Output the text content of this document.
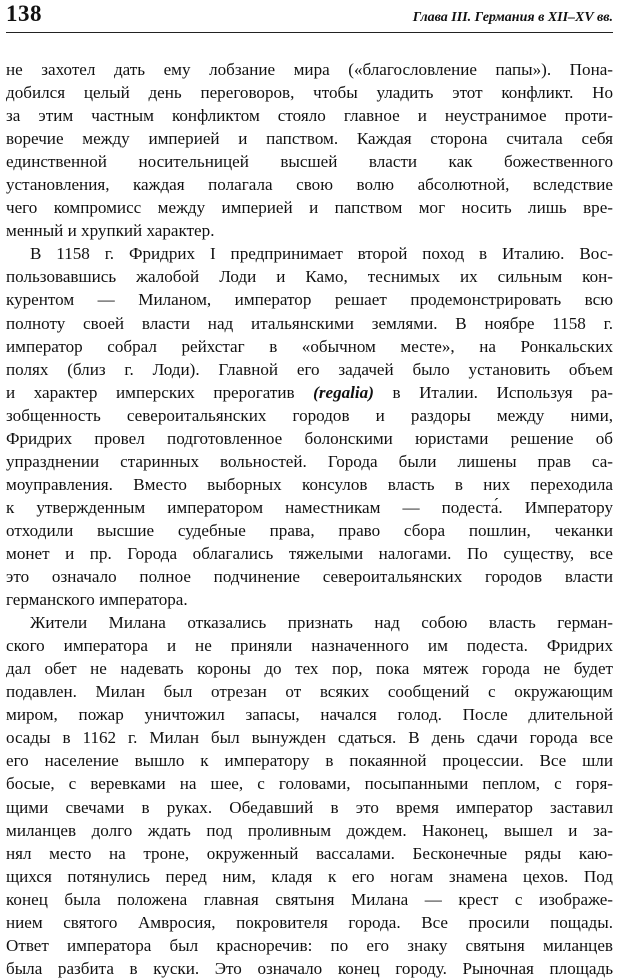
138	Глава III. Германия в XII–XV вв.
не захотел дать ему лобзание мира («благословление папы»). Пона-
добился целый день переговоров, чтобы уладить этот конфликт. Но
за этим частным конфликтом стояло главное и неустранимое проти-
воречие между империей и папством. Каждая сторона считала себя
единственной носительницей высшей власти как божественного
установления, каждая полагала свою волю абсолютной, вследствие
чего компромисс между империей и папством мог носить лишь вре-
менный и хрупкий характер.
В 1158 г. Фридрих I предпринимает второй поход в Италию. Вос-
пользовавшись жалобой Лоди и Камо, теснимых их сильным кон-
курентом — Миланом, император решает продемонстрировать всю
полноту своей власти над итальянскими землями. В ноябре 1158 г.
император собрал рейхстаг в «обычном месте», на Ронкальских
полях (близ г. Лоди). Главной его задачей было установить объем
и характер имперских прерогатив (regalia) в Италии. Используя ра-
зобщенность североитальянских городов и раздоры между ними,
Фридрих провел подготовленное болонскими юристами решение об
упразднении старинных вольностей. Города были лишены прав са-
моуправления. Вместо выборных консулов власть в них переходила
к утвержденным императором наместникам — подеста́. Императору
отходили высшие судебные права, право сбора пошлин, чеканки
монет и пр. Города облагались тяжелыми налогами. По существу, все
это означало полное подчинение североитальянских городов власти
германского императора.
Жители Милана отказались признать над собою власть герман-
ского императора и не приняли назначенного им подеста. Фридрих
дал обет не надевать короны до тех пор, пока мятеж города не будет
подавлен. Милан был отрезан от всяких сообщений с окружающим
миром, пожар уничтожил запасы, начался голод. После длительной
осады в 1162 г. Милан был вынужден сдаться. В день сдачи города все
его население вышло к императору в покаянной процессии. Все шли
босые, с веревками на шее, с головами, посыпанными пеплом, с горя-
щими свечами в руках. Обедавший в это время император заставил
миланцев долго ждать под проливным дождем. Наконец, вышел и за-
нял место на троне, окруженный вассалами. Бесконечные ряды каю-
щихся потянулись перед ним, кладя к его ногам знамена цехов. Под
конец была положена главная святыня Милана — крест с изображе-
нием святого Амвросия, покровителя города. Все просили пощады.
Ответ императора был красноречив: по его знаку святыня миланцев
была разбита в куски. Это означало конец городу. Рыночная площадь
